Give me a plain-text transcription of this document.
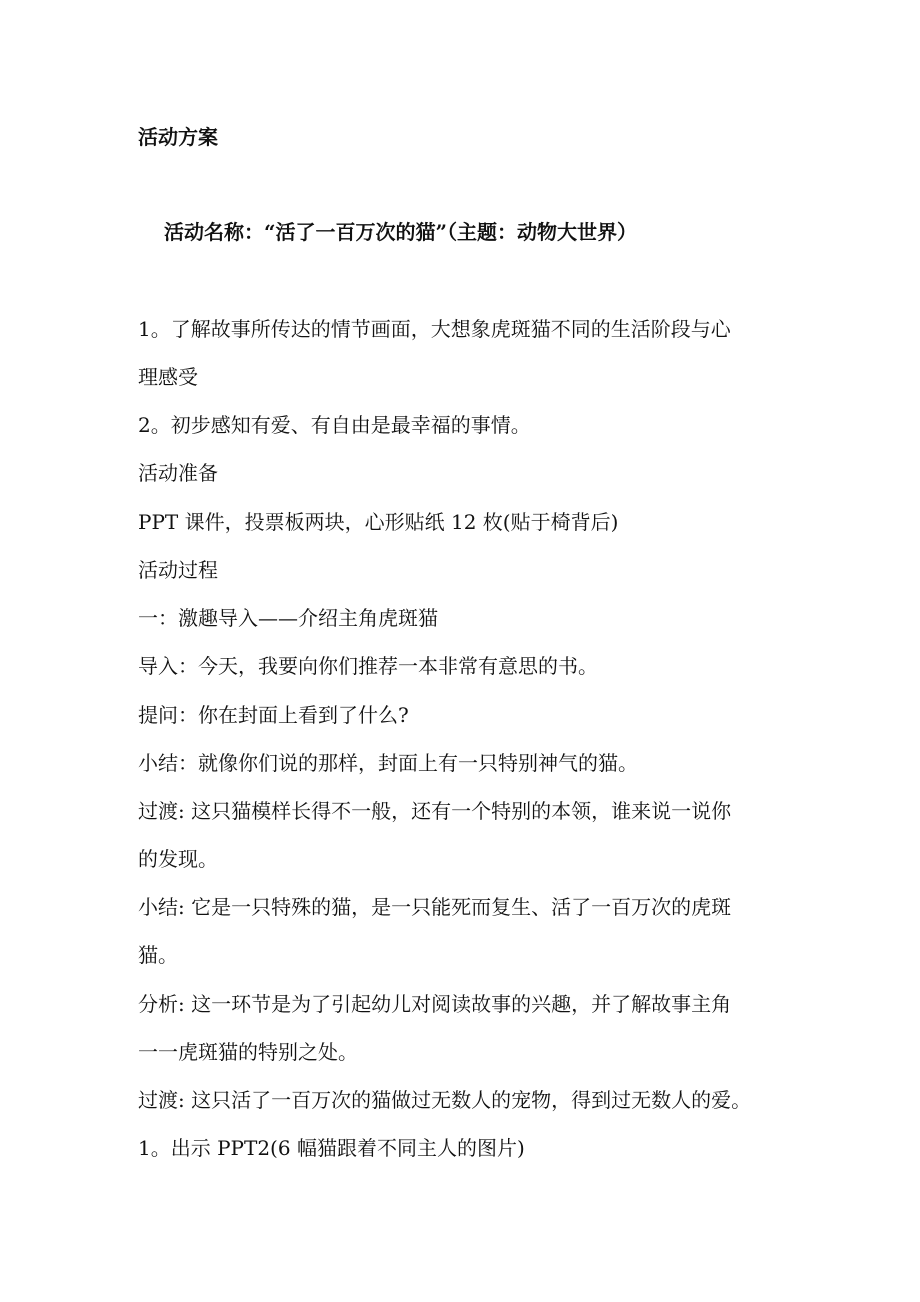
活动方案

活动名称：“活了一百万次的猫”（主题：动物大世界）

1。了解故事所传达的情节画面，大想象虎斑猫不同的生活阶段与心

理感受

2。初步感知有爱、有自由是最幸福的事情。

活动准备

PPT 课件，投票板两块，心形贴纸 12 枚(贴于椅背后)

活动过程

一：激趣导入——介绍主角虎斑猫

导入：今天，我要向你们推荐一本非常有意思的书。

提问：你在封面上看到了什么?

小结：就像你们说的那样，封面上有一只特别神气的猫。

过渡: 这只猫模样长得不一般，还有一个特别的本领，谁来说一说你

的发现。

小结: 它是一只特殊的猫，是一只能死而复生、活了一百万次的虎斑

猫。

分析: 这一环节是为了引起幼儿对阅读故事的兴趣，并了解故事主角

一一虎斑猫的特别之处。

过渡: 这只活了一百万次的猫做过无数人的宠物，得到过无数人的爱。

1。出示 PPT2(6 幅猫跟着不同主人的图片)
